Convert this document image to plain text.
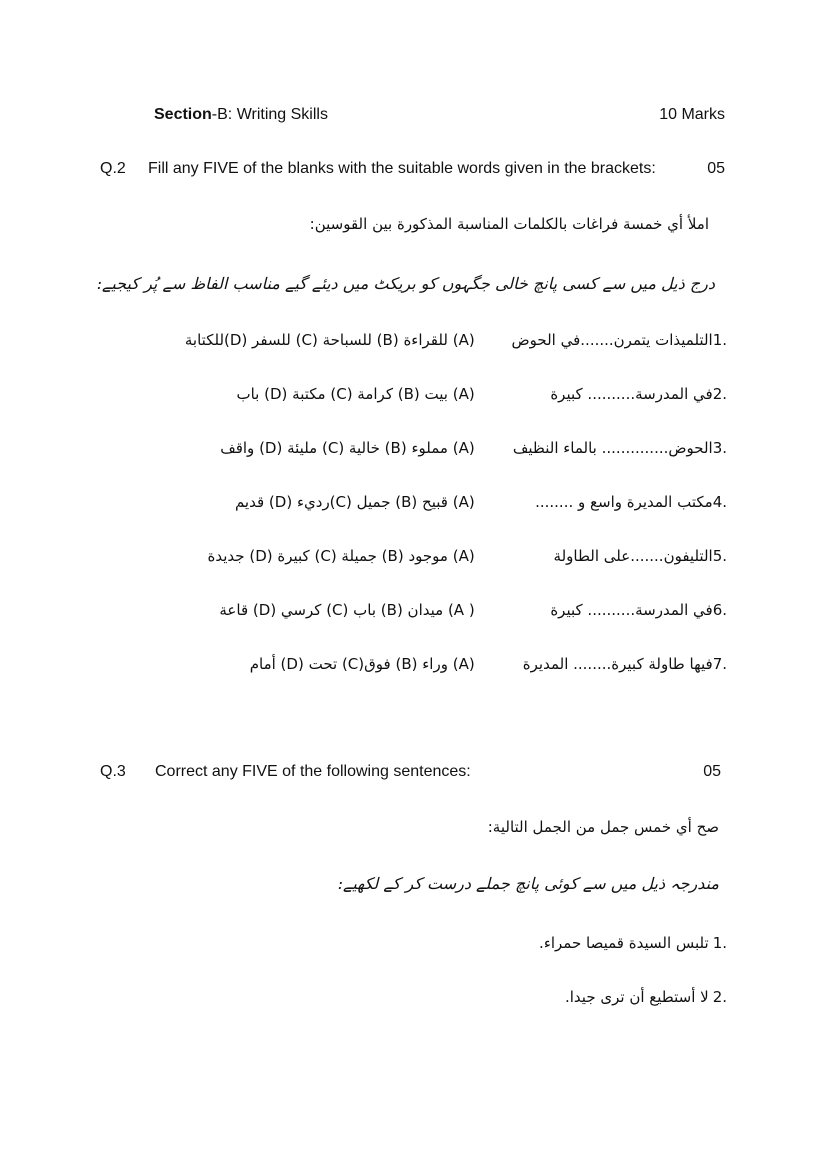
Section-B: Writing Skills	10 Marks
Q.2 Fill any FIVE of the blanks with the suitable words given in the brackets:	05
املأ أي خمسة فراغات بالكلمات المناسبة المذكورة بين القوسين:
درج ذیل میں سے کسی پانچ خالی جگہوں کو بریکٹ میں دیئے گیے مناسب الفاظ سے پُر کیجیے:
1.
التلميذات يتمرن.......في الحوض
(A) للقراءة (B) للسباحة (C) للسفر (D)للكتابة
2.
في المدرسة.......... كبيرة
(A) بيت (B) كرامة (C) مكتبة (D) باب
3.
الحوض.............. بالماء النظيف
(A) مملوء (B) خالية (C) مليئة (D) واقف
4.
مكتب المديرة واسع و ........
(A) قبيح (B) جميل (C)رديء (D) قديم
5.
التليفون.......على الطاولة
(A) موجود (B) جميلة (C) كبيرة (D) جديدة
6.
في المدرسة.......... كبيرة
( A) ميدان (B) باب (C) كرسي (D) قاعة
7.
فيها طاولة كبيرة........ المديرة
(A) وراء (B) فوق(C) تحت (D) أمام
Q.3 Correct any FIVE of the following sentences:	05
صح أي خمس جمل من الجمل التالية:
مندرجہ ذیل میں سے کوئی پانچ جملے درست کر کے لکھیے:
1.
تلبس السيدة قميصا حمراء.
2.
لا أستطيع أن ترى جيدا.
